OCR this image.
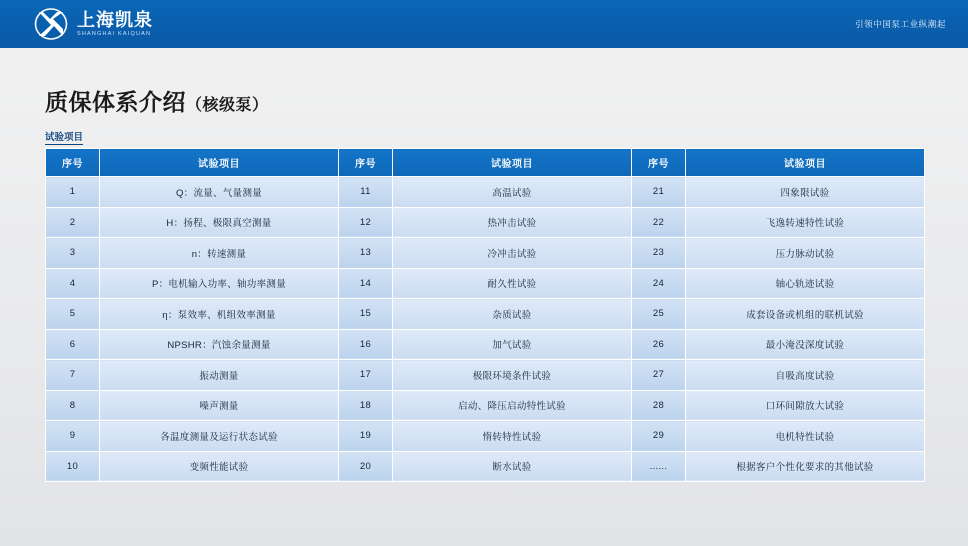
上海凯泉
SHANGHAI KAIQUAN
引领中国泵工业纵潮起
质保体系介绍（核级泵）
试验项目
序号	试验项目	序号	试验项目	序号	试验项目
1	Q：流量、气量测量	11	高温试验	21	四象限试验
2	H：扬程、极限真空测量	12	热冲击试验	22	飞逸转速特性试验
3	n：转速测量	13	冷冲击试验	23	压力脉动试验
4	P：电机输入功率、轴功率测量	14	耐久性试验	24	轴心轨迹试验
5	η：泵效率、机组效率测量	15	杂质试验	25	成套设备或机组的联机试验
6	NPSHR：汽蚀余量测量	16	加气试验	26	最小淹没深度试验
7	振动测量	17	极限环境条件试验	27	自吸高度试验
8	噪声测量	18	启动、降压启动特性试验	28	口环间隙放大试验
9	各温度测量及运行状态试验	19	惰转特性试验	29	电机特性试验
10	变频性能试验	20	断水试验	......	根据客户个性化要求的其他试验
